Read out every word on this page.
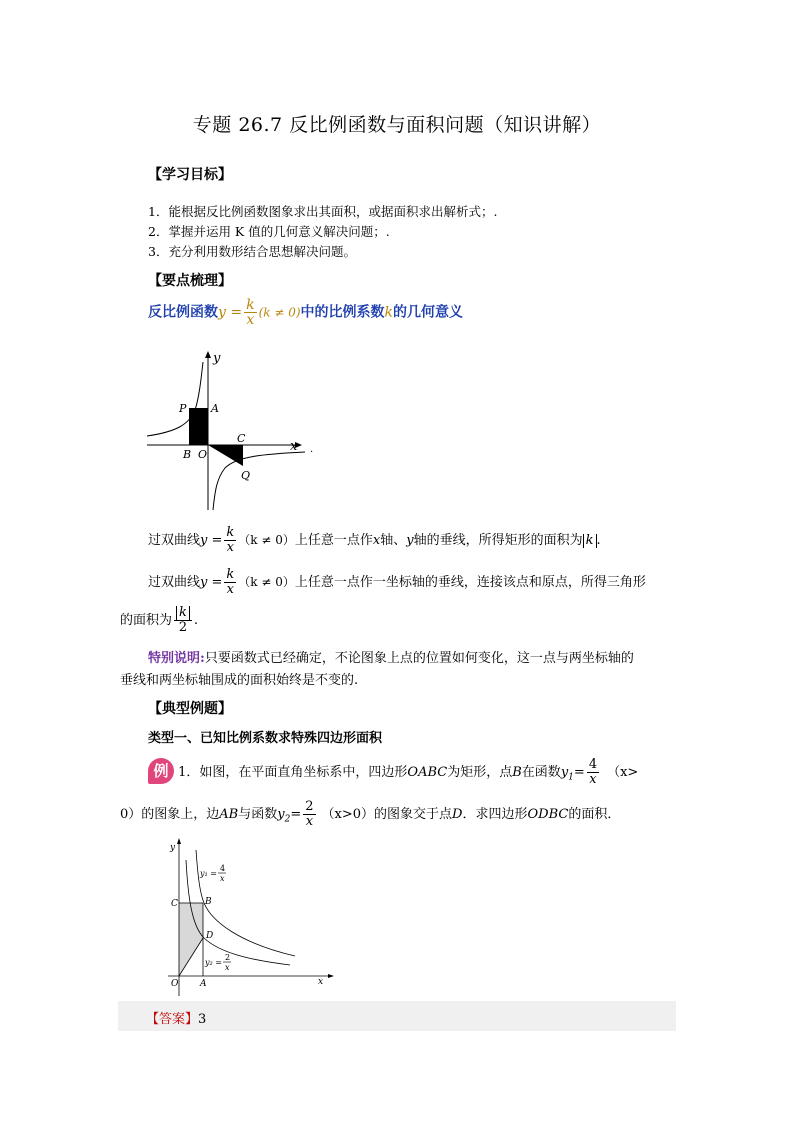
专题 26.7 反比例函数与面积问题（知识讲解）
【学习目标】
1．能根据反比例函数图象求出其面积，或据面积求出解析式；.
2．掌握并运用 K 值的几何意义解决问题；.
3．充分利用数形结合思想解决问题。
【要点梳理】
反比例函数$y = \frac{k}{x} (k \ne 0)$中的比例系数k的几何意义
y
x
P A
B O
C
Q
.
过双曲线$y = \frac{k}{x} (k \ne 0)$上任意一点作x轴、y轴的垂线，所得矩形的面积为 k .
过双曲线$y = \frac{k}{x} (k \ne 0)$上任意一点作一坐标轴的垂线，连接该点和原点，所得三角形
的面积为 $\frac{k}{2}$ .
特别说明:只要函数式已经确定，不论图象上点的位置如何变化，这一点与两坐标轴的
垂线和两坐标轴围成的面积始终是不变的.
【典型例题】
类型一、已知比例系数求特殊四边形面积
例 1．如图，在平面直角坐标系中，四边形OABC为矩形，点B在函数$y_1= \frac{4}{x} (x>$
0）的图象上，边AB与函数$y_2= \frac{2}{x} (x>0)$的图象交于点D．求四边形ODBC的面积．
y
x
C	B
D
O A
y₁ =
4
x
y₂ =
2
x
【答案】3
